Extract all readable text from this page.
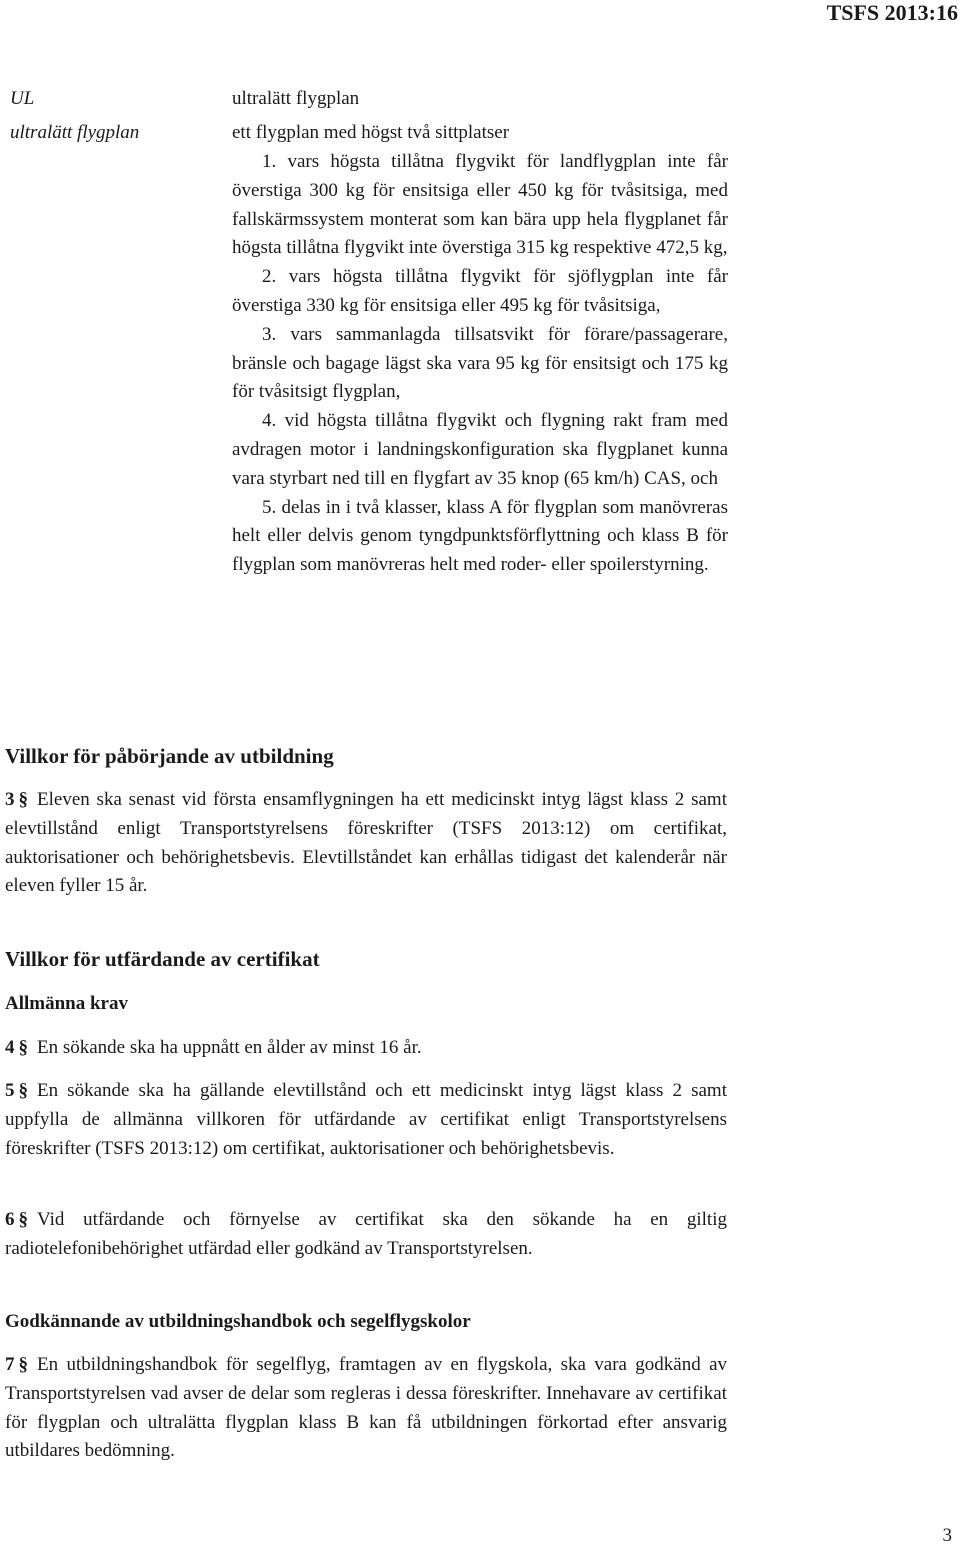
TSFS 2013:16
UL	ultralätt flygplan
ultralätt flygplan	ett flygplan med högst två sittplatser

1. vars högsta tillåtna flygvikt för landflygplan inte får överstiga 300 kg för ensitsiga eller 450 kg för tvåsitsiga, med fallskärmssystem monterat som kan bära upp hela flygplanet får högsta tillåtna flygvikt inte överstiga 315 kg respektive 472,5 kg,

2. vars högsta tillåtna flygvikt för sjöflygplan inte får överstiga 330 kg för ensitsiga eller 495 kg för tvåsitsiga,

3. vars sammanlagda tillsatsvikt för förare/passagerare, bränsle och bagage lägst ska vara 95 kg för ensitsigt och 175 kg för tvåsitsigt flygplan,

4. vid högsta tillåtna flygvikt och flygning rakt fram med avdragen motor i landningskonfiguration ska flygplanet kunna vara styrbart ned till en flygfart av 35 knop (65 km/h) CAS, och

5. delas in i två klasser, klass A för flygplan som manövreras helt eller delvis genom tyngdpunktsförflyttning och klass B för flygplan som manövreras helt med roder- eller spoilerstyrning.

Villkor för påbörjande av utbildning
3 § Eleven ska senast vid första ensamflygningen ha ett medicinskt intyg lägst klass 2 samt elevtillstånd enligt Transportstyrelsens föreskrifter (TSFS 2013:12) om certifikat, auktorisationer och behörighetsbevis. Elevtillståndet kan erhållas tidigast det kalenderår när eleven fyller 15 år.
Villkor för utfärdande av certifikat
Allmänna krav
4 § En sökande ska ha uppnått en ålder av minst 16 år.
5 § En sökande ska ha gällande elevtillstånd och ett medicinskt intyg lägst klass 2 samt uppfylla de allmänna villkoren för utfärdande av certifikat enligt Transportstyrelsens föreskrifter (TSFS 2013:12) om certifikat, auktorisationer och behörighetsbevis.
6 § Vid utfärdande och förnyelse av certifikat ska den sökande ha en giltig radiotelefonibehörighet utfärdad eller godkänd av Transportstyrelsen.
Godkännande av utbildningshandbok och segelflygskolor
7 § En utbildningshandbok för segelflyg, framtagen av en flygskola, ska vara godkänd av Transportstyrelsen vad avser de delar som regleras i dessa föreskrifter. Innehavare av certifikat för flygplan och ultralätta flygplan klass B kan få utbildningen förkortad efter ansvarig utbildares bedömning.
3
